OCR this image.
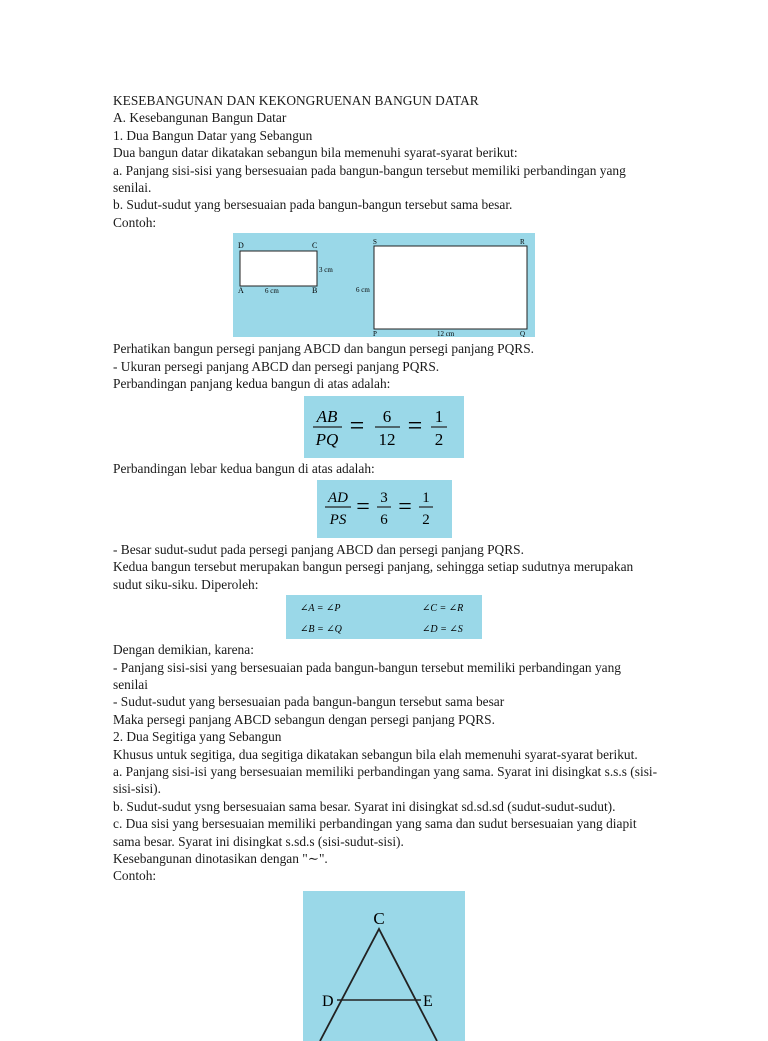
KESEBANGUNAN DAN KEKONGRUENAN BANGUN DATAR

A. Kesebangunan Bangun Datar

1. Dua Bangun Datar yang Sebangun

Dua bangun datar dikatakan sebangun bila memenuhi syarat-syarat berikut:

a. Panjang sisi-sisi yang bersesuaian pada bangun-bangun tersebut memiliki perbandingan yang senilai.

b. Sudut-sudut yang bersesuaian pada bangun-bangun tersebut sama besar.

Contoh:

D	C
A	B
6 cm
3 cm
S	R
P	Q
12 cm
6 cm

Perhatikan bangun persegi panjang ABCD dan bangun persegi panjang PQRS.

- Ukuran persegi panjang ABCD dan persegi panjang PQRS.

Perbandingan panjang kedua bangun di atas adalah:

AB
PQ = 6
12 = 1
2

Perbandingan lebar kedua bangun di atas adalah:

AD
PS = 3
6 = 1
2

- Besar sudut-sudut pada persegi panjang ABCD dan persegi panjang PQRS.

Kedua bangun tersebut merupakan bangun persegi panjang, sehingga setiap sudutnya merupakan sudut siku-siku. Diperoleh:

∠A = ∠P	∠C = ∠R
∠B = ∠Q	∠D = ∠S

Dengan demikian, karena:

- Panjang sisi-sisi yang bersesuaian pada bangun-bangun tersebut memiliki perbandingan yang senilai

- Sudut-sudut yang bersesuaian pada bangun-bangun tersebut sama besar

Maka persegi panjang ABCD sebangun dengan persegi panjang PQRS.

2. Dua Segitiga yang Sebangun

Khusus untuk segitiga, dua segitiga dikatakan sebangun bila elah memenuhi syarat-syarat berikut.

a. Panjang sisi-isi yang bersesuaian memiliki perbandingan yang sama. Syarat ini disingkat s.s.s (sisi-sisi-sisi).

b. Sudut-sudut ysng bersesuaian sama besar. Syarat ini disingkat sd.sd.sd (sudut-sudut-sudut).

c. Dua sisi yang bersesuaian memiliki perbandingan yang sama dan sudut bersesuaian yang diapit sama besar. Syarat ini disingkat s.sd.s (sisi-sudut-sisi).

Kesebangunan dinotasikan dengan "∼".

Contoh:

C
D	E
